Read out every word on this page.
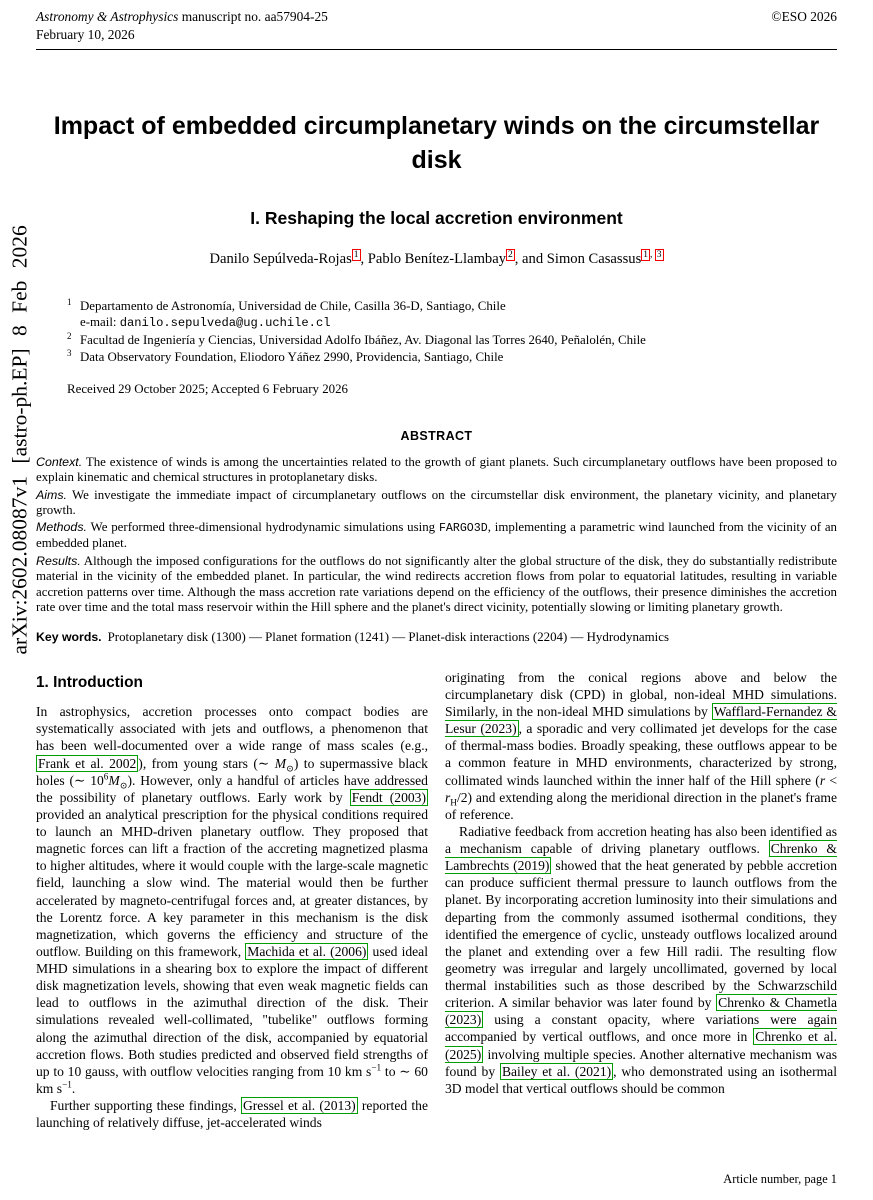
arXiv:2602.08087v1 [astro-ph.EP] 8 Feb 2026
Astronomy & Astrophysics manuscript no. aa57904-25
February 10, 2026
©ESO 2026
Impact of embedded circumplanetary winds on the circumstellar disk
I. Reshaping the local accretion environment
Danilo Sepúlveda-Rojas $^1$ , Pablo Benítez-Llambay $^2$ , and Simon Casassus $^{1 , 3}$
1 Departamento de Astronomía, Universidad de Chile, Casilla 36-D, Santiago, Chile
e-mail: danilo.sepulveda@ug.uchile.cl
2 Facultad de Ingeniería y Ciencias, Universidad Adolfo Ibáñez, Av. Diagonal las Torres 2640, Peñalolén, Chile
3 Data Observatory Foundation, Eliodoro Yáñez 2990, Providencia, Santiago, Chile
Received 29 October 2025; Accepted 6 February 2026
ABSTRACT

Context. The existence of winds is among the uncertainties related to the growth of giant planets. Such circumplanetary outflows have been proposed to explain kinematic and chemical structures in protoplanetary disks.

Aims. We investigate the immediate impact of circumplanetary outflows on the circumstellar disk environment, the planetary vicinity, and planetary growth.

Methods. We performed three-dimensional hydrodynamic simulations using FARGO3D, implementing a parametric wind launched from the vicinity of an embedded planet.

Results. Although the imposed configurations for the outflows do not significantly alter the global structure of the disk, they do substantially redistribute material in the vicinity of the embedded planet. In particular, the wind redirects accretion flows from polar to equatorial latitudes, resulting in variable accretion patterns over time. Although the mass accretion rate variations depend on the efficiency of the outflows, their presence diminishes the accretion rate over time and the total mass reservoir within the Hill sphere and the planet's direct vicinity, potentially slowing or limiting planetary growth.

Key words. Protoplanetary disk (1300) — Planet formation (1241) — Planet-disk interactions (2204) — Hydrodynamics

1. Introduction

In astrophysics, accretion processes onto compact bodies are systematically associated with jets and outflows, a phenomenon that has been well-documented over a wide range of mass scales (e.g., Frank et al. 2002 ), from young stars (∼ $M_⊙$) to supermassive black holes (∼ $10^6M_⊙$). However, only a handful of articles have addressed the possibility of planetary outflows. Early work by Fendt (2003) provided an analytical prescription for the physical conditions required to launch an MHD-driven planetary outflow. They proposed that magnetic forces can lift a fraction of the accreting magnetized plasma to higher altitudes, where it would couple with the large-scale magnetic field, launching a slow wind. The material would then be further accelerated by magneto-centrifugal forces and, at greater distances, by the Lorentz force. A key parameter in this mechanism is the disk magnetization, which governs the efficiency and structure of the outflow. Building on this framework, Machida et al. (2006) used ideal MHD simulations in a shearing box to explore the impact of different disk magnetization levels, showing that even weak magnetic fields can lead to outflows in the azimuthal direction of the disk. Their simulations revealed well-collimated, "tubelike" outflows forming along the azimuthal direction of the disk, accompanied by equatorial accretion flows. Both studies predicted and observed field strengths of up to 10 gauss, with outflow velocities ranging from 10 km $s^{-1}$ to ∼ 60 km $s^{-1}$.

Further supporting these findings, Gressel et al. (2013) reported the launching of relatively diffuse, jet-accelerated winds

originating from the conical regions above and below the circumplanetary disk (CPD) in global, non-ideal MHD simulations. Similarly, in the non-ideal MHD simulations by Wafflard-Fernandez & Lesur (2023) , a sporadic and very collimated jet develops for the case of thermal-mass bodies. Broadly speaking, these outflows appear to be a common feature in MHD environments, characterized by strong, collimated winds launched within the inner half of the Hill sphere $(r < r_H/2)$ and extending along the meridional direction in the planet's frame of reference.

Radiative feedback from accretion heating has also been identified as a mechanism capable of driving planetary outflows. Chrenko & Lambrechts (2019) showed that the heat generated by pebble accretion can produce sufficient thermal pressure to launch outflows from the planet. By incorporating accretion luminosity into their simulations and departing from the commonly assumed isothermal conditions, they identified the emergence of cyclic, unsteady outflows localized around the planet and extending over a few Hill radii. The resulting flow geometry was irregular and largely uncollimated, governed by local thermal instabilities such as those described by the Schwarzschild criterion. A similar behavior was later found by Chrenko & Chametla (2023) using a constant opacity, where variations were again accompanied by vertical outflows, and once more in Chrenko et al. (2025) involving multiple species. Another alternative mechanism was found by Bailey et al. (2021) , who demonstrated using an isothermal 3D model that vertical outflows should be common

Article number, page 1
